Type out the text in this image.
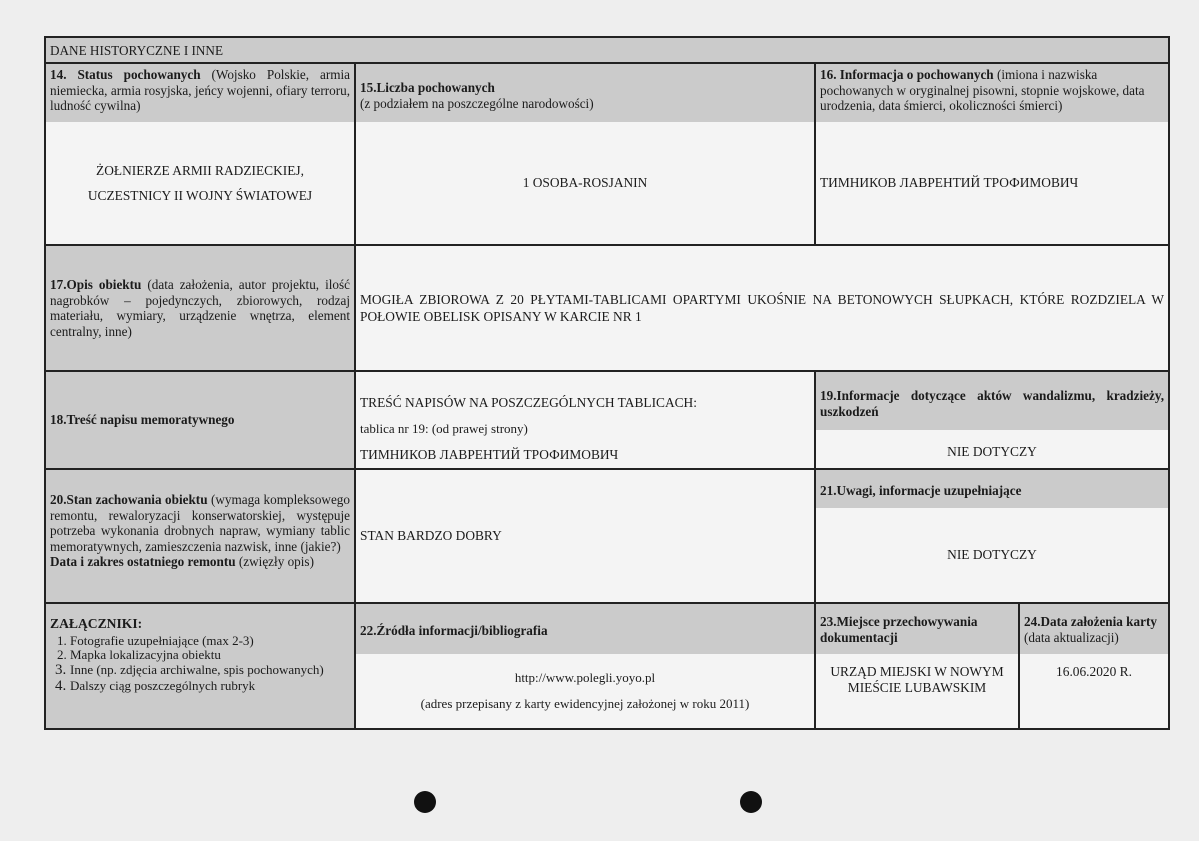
DANE HISTORYCZNE I INNE
14. Status pochowanych (Wojsko Polskie, armia niemiecka, armia rosyjska, jeńcy wojenni, ofiary terroru, ludność cywilna)
ŻOŁNIERZE ARMII RADZIECKIEJ,
UCZESTNICY II WOJNY ŚWIATOWEJ
15.Liczba pochowanych
(z podziałem na poszczególne narodowości)
1 OSOBA-ROSJANIN
16. Informacja o pochowanych (imiona i nazwiska pochowanych w oryginalnej pisowni, stopnie wojskowe, data urodzenia, data śmierci, okoliczności śmierci)
ТИМНИКОВ ЛАВРЕНТИЙ ТРОФИМОВИЧ
17.Opis obiektu (data założenia, autor projektu, ilość nagrobków – pojedynczych, zbiorowych, rodzaj materiału, wymiary, urządzenie wnętrza, element centralny, inne)
MOGIŁA ZBIOROWA Z 20 PŁYTAMI-TABLICAMI OPARTYMI UKOŚNIE NA BETONOWYCH SŁUPKACH, KTÓRE ROZDZIELA W POŁOWIE OBELISK OPISANY W KARCIE NR 1
18.Treść napisu memoratywnego
TREŚĆ NAPISÓW NA POSZCZEGÓLNYCH TABLICACH:
tablica nr 19: (od prawej strony)
ТИМНИКОВ ЛАВРЕНТИЙ ТРОФИМОВИЧ
19.Informacje dotyczące aktów wandalizmu, kradzieży, uszkodzeń
NIE DOTYCZY
20.Stan zachowania obiektu (wymaga kompleksowego remontu, rewaloryzacji konserwatorskiej, występuje potrzeba wykonania drobnych napraw, wymiany tablic memoratywnych, zamieszczenia nazwisk, inne (jakie?)
Data i zakres ostatniego remontu (zwięzły opis)
STAN BARDZO DOBRY
21.Uwagi, informacje uzupełniające
NIE DOTYCZY
ZAŁĄCZNIKI:
1. Fotografie uzupełniające (max 2-3)
2. Mapka lokalizacyjna obiektu
3. Inne (np. zdjęcia archiwalne, spis pochowanych)
4. Dalszy ciąg poszczególnych rubryk
22.Źródła informacji/bibliografia
http://www.polegli.yoyo.pl
(adres przepisany z karty ewidencyjnej założonej w roku 2011)
23.Miejsce przechowywania dokumentacji
URZĄD MIEJSKI W NOWYM MIEŚCIE LUBAWSKIM
24.Data założenia karty (data aktualizacji)
16.06.2020 R.
